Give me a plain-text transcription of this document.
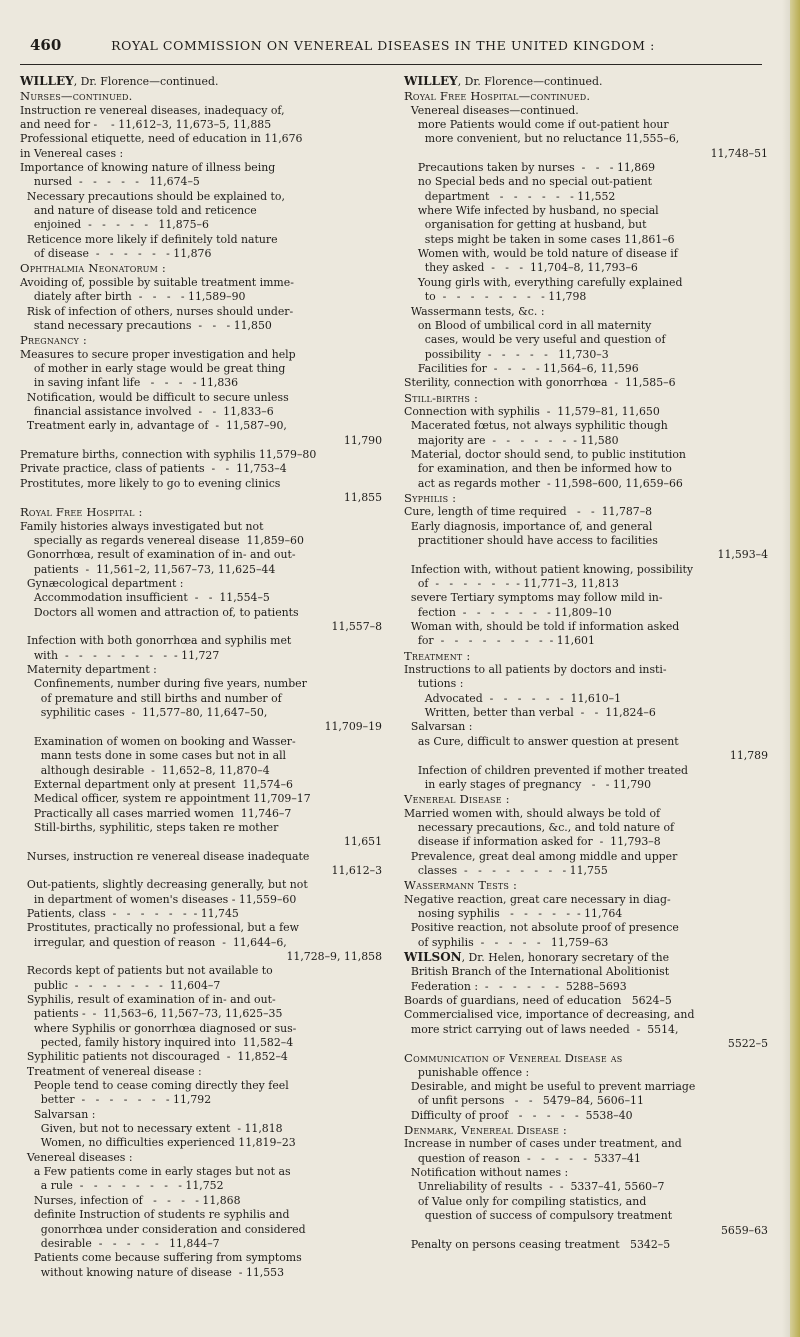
460	ROYAL COMMISSION ON VENEREAL DISEASES IN THE UNITED KINGDOM :
WILLEY, Dr. Florence—continued.
Nurses—continued.
Instruction re venereal diseases, inadequacy of,
and need for -    - 11,612–3, 11,673–5, 11,885
Professional etiquette, need of education in 11,676
in Venereal cases :
Importance of knowing nature of illness being
nursed  -   -   -   -   -   11,674–5
Necessary precautions should be explained to,
and nature of disease told and reticence
enjoined  -   -   -   -   -   11,875–6
Reticence more likely if definitely told nature
of disease  -   -   -   -   -   - 11,876
Ophthalmia Neonatorum :
Avoiding of, possible by suitable treatment imme-
diately after birth  -   -   -   - 11,589–90
Risk of infection of others, nurses should under-
stand necessary precautions  -   -   - 11,850
Pregnancy :
Measures to secure proper investigation and help
of mother in early stage would be great thing
in saving infant life   -   -   -   - 11,836
Notification, would be difficult to secure unless
financial assistance involved  -   -  11,833–6
Treatment early in, advantage of  -  11,587–90,
11,790
Premature births, connection with syphilis 11,579–80
Private practice, class of patients  -   -  11,753–4
Prostitutes, more likely to go to evening clinics
11,855
Royal Free Hospital :
Family histories always investigated but not
specially as regards venereal disease  11,859–60
Gonorrhœa, result of examination of in- and out-
patients  -  11,561–2, 11,567–73, 11,625–44
Gynæcological department :
Accommodation insufficient  -   -  11,554–5
Doctors all women and attraction of, to patients
11,557–8
Infection with both gonorrhœa and syphilis met
with  -   -   -   -   -   -   -   -  - 11,727
Maternity department :
Confinements, number during five years, number
of premature and still births and number of
syphilitic cases  -  11,577–80, 11,647–50,
11,709–19
Examination of women on booking and Wasser-
mann tests done in some cases but not in all
although desirable  -  11,652–8, 11,870–4
External department only at present  11,574–6
Medical officer, system re appointment 11,709–17
Practically all cases married women  11,746–7
Still-births, syphilitic, steps taken re mother
11,651
Nurses, instruction re venereal disease inadequate
11,612–3
Out-patients, slightly decreasing generally, but not
in department of women's diseases - 11,559–60
Patients, class  -   -   -   -   -   -  - 11,745
Prostitutes, practically no professional, but a few
irregular, and question of reason  -  11,644–6,
11,728–9, 11,858
Records kept of patients but not available to
public  -   -   -   -   -   -   -  11,604–7
Syphilis, result of examination of in- and out-
patients -  -  11,563–6, 11,567–73, 11,625–35
where Syphilis or gonorrhœa diagnosed or sus-
pected, family history inquired into  11,582–4
Syphilitic patients not discouraged  -  11,852–4
Treatment of venereal disease :
People tend to cease coming directly they feel
better  -   -   -   -   -   -   - 11,792
Salvarsan :
Given, but not to necessary extent  - 11,818
Women, no difficulties experienced 11,819–23
Venereal diseases :
a Few patients come in early stages but not as
a rule  -   -   -   -   -   -   -   - 11,752
Nurses, infection of   -   -   -   - 11,868
definite Instruction of students re syphilis and
gonorrhœa under consideration and considered
desirable  -   -   -   -   -   11,844–7
Patients come because suffering from symptoms
without knowing nature of disease  - 11,553
WILLEY, Dr. Florence—continued.
Royal Free Hospital—continued.
Venereal diseases—continued.
more Patients would come if out-patient hour
more convenient, but no reluctance 11,555–6,
11,748–51
Precautions taken by nurses  -   -   - 11,869
no Special beds and no special out-patient
department   -   -   -   -   -   - 11,552
where Wife infected by husband, no special
organisation for getting at husband, but
steps might be taken in some cases 11,861–6
Women with, would be told nature of disease if
they asked  -   -   -  11,704–8, 11,793–6
Young girls with, everything carefully explained
to  -   -   -   -   -   -   -   - 11,798
Wassermann tests, &c. :
on Blood of umbilical cord in all maternity
cases, would be very useful and question of
possibility  -   -   -   -   -   11,730–3
Facilities for  -   -   -   - 11,564–6, 11,596
Sterility, connection with gonorrhœa  -  11,585–6
Still-births :
Connection with syphilis  -  11,579–81, 11,650
Macerated fœtus, not always syphilitic though
majority are  -   -   -   -   -   -  - 11,580
Material, doctor should send, to public institution
for examination, and then be informed how to
act as regards mother  - 11,598–600, 11,659–66
Syphilis :
Cure, length of time required   -   -  11,787–8
Early diagnosis, importance of, and general
practitioner should have access to facilities
11,593–4
Infection with, without patient knowing, possibility
of  -   -   -   -   -   -  - 11,771–3, 11,813
severe Tertiary symptoms may follow mild in-
fection  -   -   -   -   -   -   - 11,809–10
Woman with, should be told if information asked
for  -   -   -   -   -   -   -   -  - 11,601
Treatment :
Instructions to all patients by doctors and insti-
tutions :
Advocated  -   -   -   -   -   -  11,610–1
Written, better than verbal  -   -  11,824–6
Salvarsan :
as Cure, difficult to answer question at present
11,789
Infection of children prevented if mother treated
in early stages of pregnancy   -   - 11,790
Venereal Disease :
Married women with, should always be told of
necessary precautions, &c., and told nature of
disease if information asked for  -  11,793–8
Prevalence, great deal among middle and upper
classes  -   -   -   -   -   -   -   - 11,755
Wassermann Tests :
Negative reaction, great care necessary in diag-
nosing syphilis   -   -   -   -   -  - 11,764
Positive reaction, not absolute proof of presence
of syphilis  -   -   -   -   -   11,759–63
WILSON, Dr. Helen, honorary secretary of the
British Branch of the International Abolitionist
Federation :  -   -   -   -   -   -  5288–5693
Boards of guardians, need of education   5624–5
Commercialised vice, importance of decreasing, and
more strict carrying out of laws needed  -  5514,
5522–5
Communication of Venereal Disease as
punishable offence :
Desirable, and might be useful to prevent marriage
of unfit persons   -   -   5479–84, 5606–11
Difficulty of proof   -   -   -   -   -  5538–40
Denmark, Venereal Disease :
Increase in number of cases under treatment, and
question of reason  -   -   -   -   -  5337–41
Notification without names :
Unreliability of results  -  -  5337–41, 5560–7
of Value only for compiling statistics, and
question of success of compulsory treatment
5659–63
Penalty on persons ceasing treatment   5342–5
